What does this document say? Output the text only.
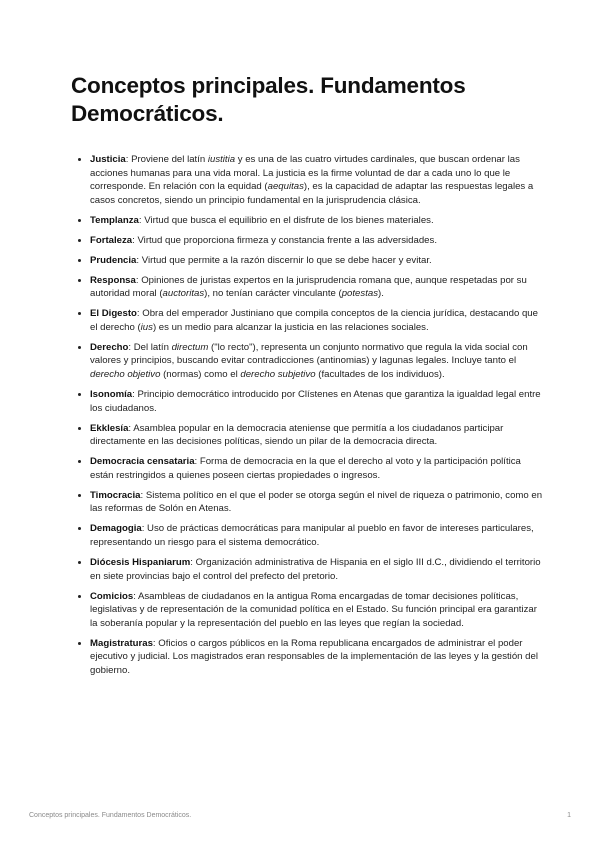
Conceptos principales. Fundamentos Democráticos.
• Justicia: Proviene del latín iustitia y es una de las cuatro virtudes cardinales, que buscan ordenar las acciones humanas para una vida moral. La justicia es la firme voluntad de dar a cada uno lo que le corresponde. En relación con la equidad (aequitas), es la capacidad de adaptar las respuestas legales a casos concretos, siendo un principio fundamental en la jurisprudencia clásica.
• Templanza: Virtud que busca el equilibrio en el disfrute de los bienes materiales.
• Fortaleza: Virtud que proporciona firmeza y constancia frente a las adversidades.
• Prudencia: Virtud que permite a la razón discernir lo que se debe hacer y evitar.
• Responsa: Opiniones de juristas expertos en la jurisprudencia romana que, aunque respetadas por su autoridad moral (auctoritas), no tenían carácter vinculante (potestas).
• El Digesto: Obra del emperador Justiniano que compila conceptos de la ciencia jurídica, destacando que el derecho (ius) es un medio para alcanzar la justicia en las relaciones sociales.
• Derecho: Del latín directum ("lo recto"), representa un conjunto normativo que regula la vida social con valores y principios, buscando evitar contradicciones (antinomias) y lagunas legales. Incluye tanto el derecho objetivo (normas) como el derecho subjetivo (facultades de los individuos).
• Isonomía: Principio democrático introducido por Clístenes en Atenas que garantiza la igualdad legal entre los ciudadanos.
• Ekklesía: Asamblea popular en la democracia ateniense que permitía a los ciudadanos participar directamente en las decisiones políticas, siendo un pilar de la democracia directa.
• Democracia censataria: Forma de democracia en la que el derecho al voto y la participación política están restringidos a quienes poseen ciertas propiedades o ingresos.
• Timocracia: Sistema político en el que el poder se otorga según el nivel de riqueza o patrimonio, como en las reformas de Solón en Atenas.
• Demagogia: Uso de prácticas democráticas para manipular al pueblo en favor de intereses particulares, representando un riesgo para el sistema democrático.
• Diócesis Hispaniarum: Organización administrativa de Hispania en el siglo III d.C., dividiendo el territorio en siete provincias bajo el control del prefecto del pretorio.
• Comicios: Asambleas de ciudadanos en la antigua Roma encargadas de tomar decisiones políticas, legislativas y de representación de la comunidad política en el Estado. Su función principal era garantizar la soberanía popular y la representación del pueblo en las leyes que regían la sociedad.
• Magistraturas: Oficios o cargos públicos en la Roma republicana encargados de administrar el poder ejecutivo y judicial. Los magistrados eran responsables de la implementación de las leyes y la gestión del gobierno.
Conceptos principales. Fundamentos Democráticos.	1
